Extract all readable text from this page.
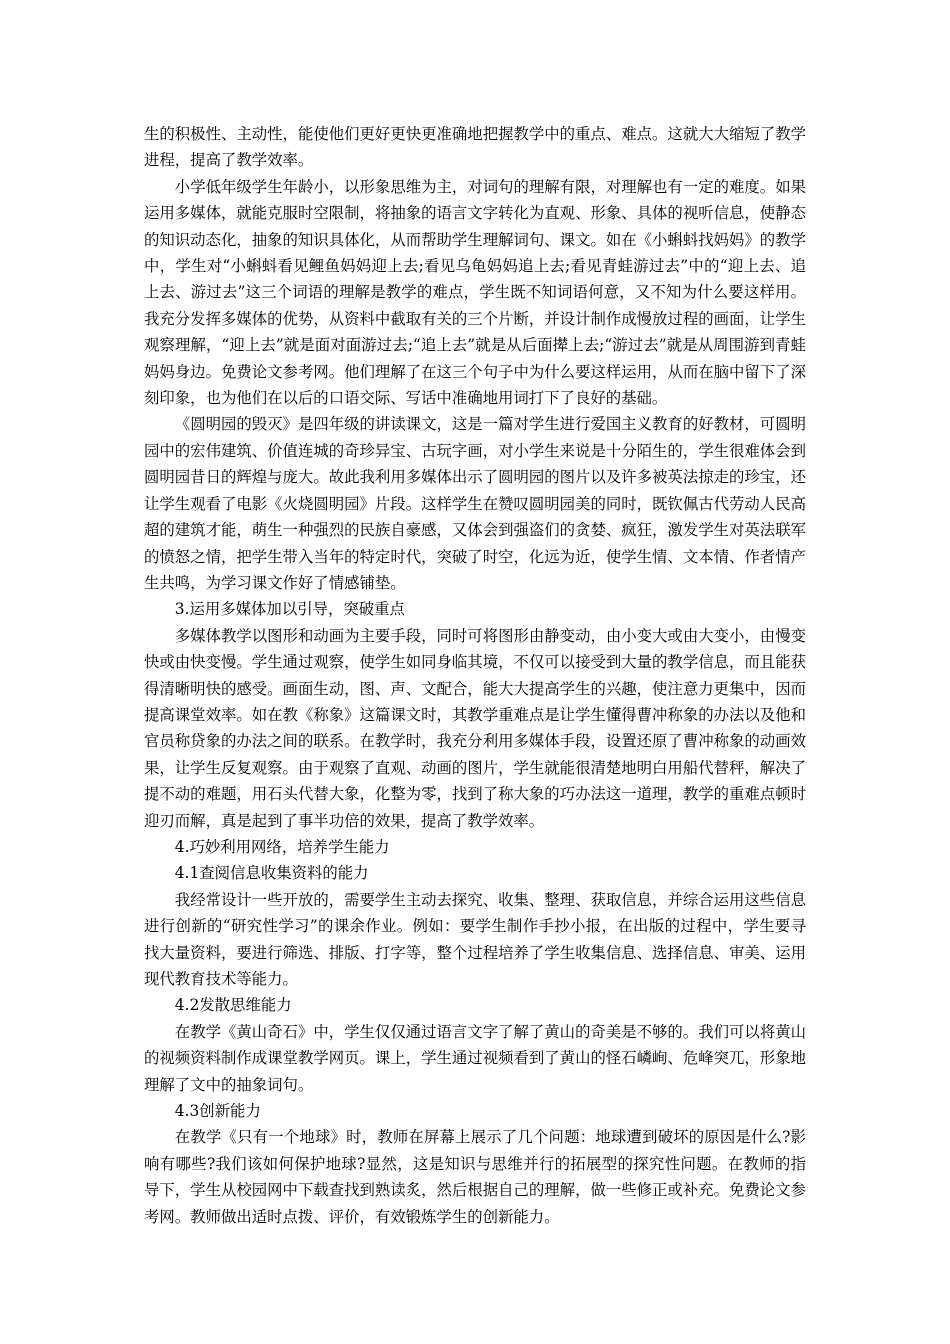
生的积极性、主动性，能使他们更好更快更准确地把握教学中的重点、难点。这就大大缩短了教学进程，提高了教学效率。

小学低年级学生年龄小，以形象思维为主，对词句的理解有限，对理解也有一定的难度。如果运用多媒体，就能克服时空限制，将抽象的语言文字转化为直观、形象、具体的视听信息，使静态的知识动态化，抽象的知识具体化，从而帮助学生理解词句、课文。如在《小蝌蚪找妈妈》的教学中，学生对“小蝌蚪看见鲤鱼妈妈迎上去;看见乌龟妈妈追上去;看见青蛙游过去”中的“迎上去、追上去、游过去”这三个词语的理解是教学的难点，学生既不知词语何意，又不知为什么要这样用。我充分发挥多媒体的优势，从资料中截取有关的三个片断，并设计制作成慢放过程的画面，让学生观察理解，“迎上去”就是面对面游过去;“追上去”就是从后面撵上去;“游过去”就是从周围游到青蛙妈妈身边。免费论文参考网。他们理解了在这三个句子中为什么要这样运用，从而在脑中留下了深刻印象，也为他们在以后的口语交际、写话中准确地用词打下了良好的基础。

《圆明园的毁灭》是四年级的讲读课文，这是一篇对学生进行爱国主义教育的好教材，可圆明园中的宏伟建筑、价值连城的奇珍异宝、古玩字画，对小学生来说是十分陌生的，学生很难体会到圆明园昔日的辉煌与庞大。故此我利用多媒体出示了圆明园的图片以及许多被英法掠走的珍宝，还让学生观看了电影《火烧圆明园》片段。这样学生在赞叹圆明园美的同时，既钦佩古代劳动人民高超的建筑才能，萌生一种强烈的民族自豪感，又体会到强盗们的贪婪、疯狂，激发学生对英法联军的愤怒之情，把学生带入当年的特定时代，突破了时空，化远为近，使学生情、文本情、作者情产生共鸣，为学习课文作好了情感铺垫。

3.运用多媒体加以引导，突破重点

多媒体教学以图形和动画为主要手段，同时可将图形由静变动，由小变大或由大变小，由慢变快或由快变慢。学生通过观察，使学生如同身临其境，不仅可以接受到大量的教学信息，而且能获得清晰明快的感受。画面生动，图、声、文配合，能大大提高学生的兴趣，使注意力更集中，因而提高课堂效率。如在教《称象》这篇课文时，其教学重难点是让学生懂得曹冲称象的办法以及他和官员称贷象的办法之间的联系。在教学时，我充分利用多媒体手段，设置还原了曹冲称象的动画效果，让学生反复观察。由于观察了直观、动画的图片，学生就能很清楚地明白用船代替秤，解决了提不动的难题，用石头代替大象，化整为零，找到了称大象的巧办法这一道理，教学的重难点顿时迎刃而解，真是起到了事半功倍的效果，提高了教学效率。

4.巧妙利用网络，培养学生能力

4.1查阅信息收集资料的能力

我经常设计一些开放的，需要学生主动去探究、收集、整理、获取信息，并综合运用这些信息进行创新的“研究性学习”的课余作业。例如：要学生制作手抄小报，在出版的过程中，学生要寻找大量资料，要进行筛选、排版、打字等，整个过程培养了学生收集信息、选择信息、审美、运用现代教育技术等能力。

4.2发散思维能力

在教学《黄山奇石》中，学生仅仅通过语言文字了解了黄山的奇美是不够的。我们可以将黄山的视频资料制作成课堂教学网页。课上，学生通过视频看到了黄山的怪石嶙峋、危峰突兀，形象地理解了文中的抽象词句。

4.3创新能力

在教学《只有一个地球》时，教师在屏幕上展示了几个问题：地球遭到破坏的原因是什么?影响有哪些?我们该如何保护地球?显然，这是知识与思维并行的拓展型的探究性问题。在教师的指导下，学生从校园网中下载查找到熟读炙，然后根据自己的理解，做一些修正或补充。免费论文参考网。教师做出适时点拨、评价，有效锻炼学生的创新能力。
